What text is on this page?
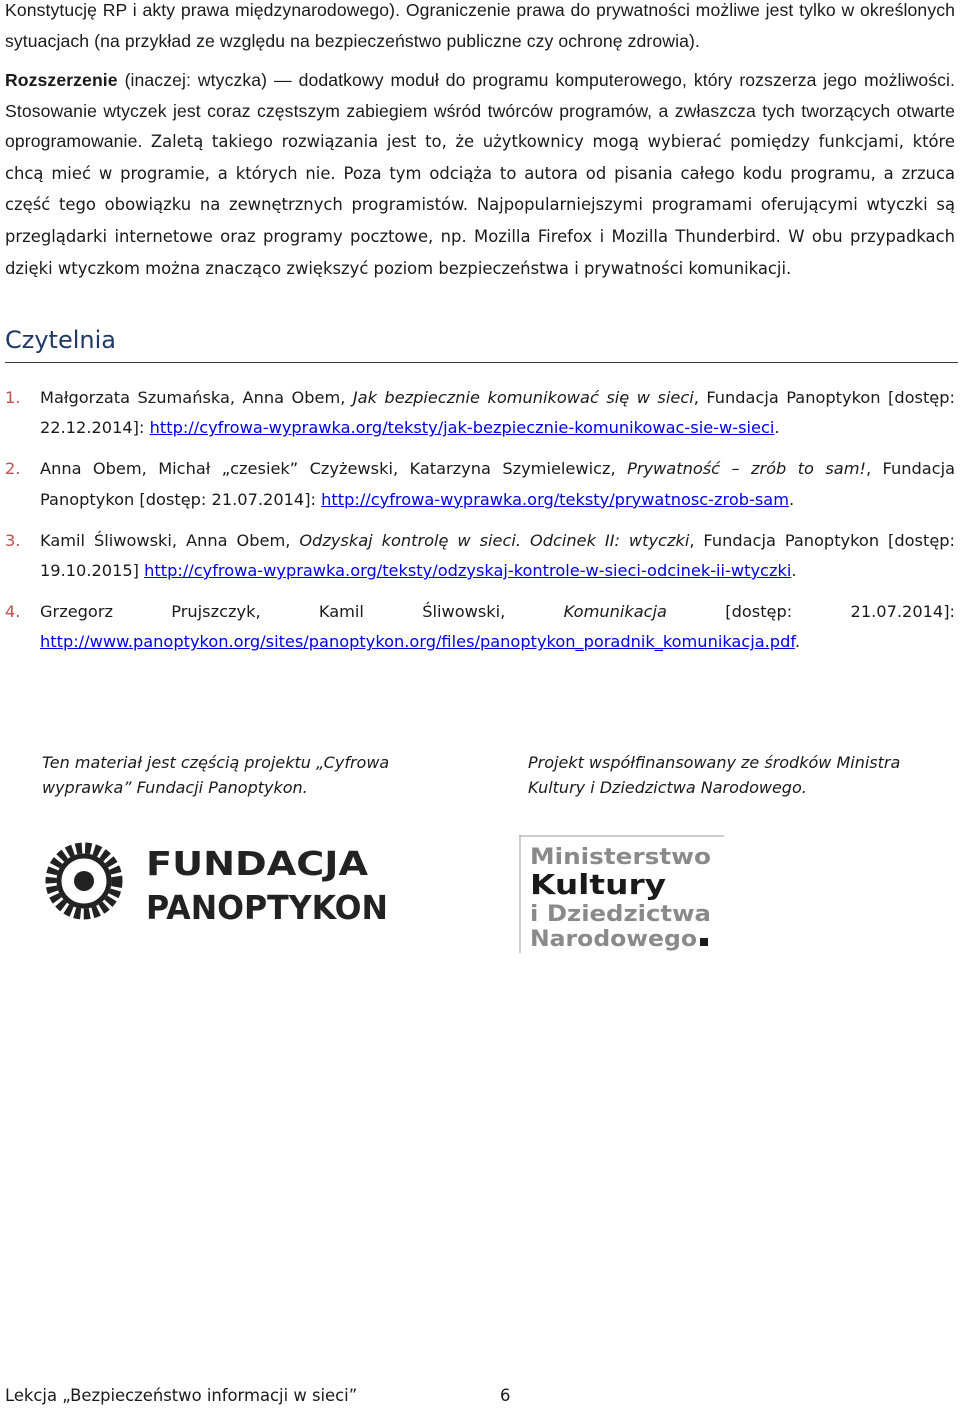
Konstytucję RP i akty prawa międzynarodowego). Ograniczenie prawa do prywatności możliwe jest tylko w określonych sytuacjach (na przykład ze względu na bezpieczeństwo publiczne czy ochronę zdrowia).

Rozszerzenie (inaczej: wtyczka) — dodatkowy moduł do programu komputerowego, który rozszerza jego możliwości. Stosowanie wtyczek jest coraz częstszym zabiegiem wśród twórców programów, a zwłaszcza tych tworzących otwarte oprogramowanie. Zaletą takiego rozwiązania jest to, że użytkownicy mogą wybierać pomiędzy funkcjami, które chcą mieć w programie, a których nie. Poza tym odciąża to autora od pisania całego kodu programu, a zrzuca część tego obowiązku na zewnętrznych programistów. Najpopularniejszymi programami oferującymi wtyczki są przeglądarki internetowe oraz programy pocztowe, np. Mozilla Firefox i Mozilla Thunderbird. W obu przypadkach dzięki wtyczkom można znacząco zwiększyć poziom bezpieczeństwa i prywatności komunikacji.

Czytelnia
1. Małgorzata Szumańska, Anna Obem, Jak bezpiecznie komunikować się w sieci, Fundacja Panoptykon [dostęp: 22.12.2014]: http://cyfrowa-wyprawka.org/teksty/jak-bezpiecznie-komunikowac-sie-w-sieci.
2. Anna Obem, Michał „czesiek” Czyżewski, Katarzyna Szymielewicz, Prywatność – zrób to sam!, Fundacja Panoptykon [dostęp: 21.07.2014]: http://cyfrowa-wyprawka.org/teksty/prywatnosc-zrob-sam.
3. Kamil Śliwowski, Anna Obem, Odzyskaj kontrolę w sieci. Odcinek II: wtyczki, Fundacja Panoptykon [dostęp: 19.10.2015] http://cyfrowa-wyprawka.org/teksty/odzyskaj-kontrole-w-sieci-odcinek-ii-wtyczki.
4. Grzegorz Prujszczyk, Kamil Śliwowski, Komunikacja [dostęp: 21.07.2014]: http://www.panoptykon.org/sites/panoptykon.org/files/panoptykon_poradnik_komunikacja.pdf.
Ten materiał jest częścią projektu „Cyfrowa wyprawka” Fundacji Panoptykon.
Projekt współfinansowany ze środków Ministra Kultury i Dziedzictwa Narodowego.
FUNDACJA
PANOPTYKON
Ministerstwo
Kultury
i Dziedzictwa
Narodowego
Lekcja „Bezpieczeństwo informacji w sieci”	6
